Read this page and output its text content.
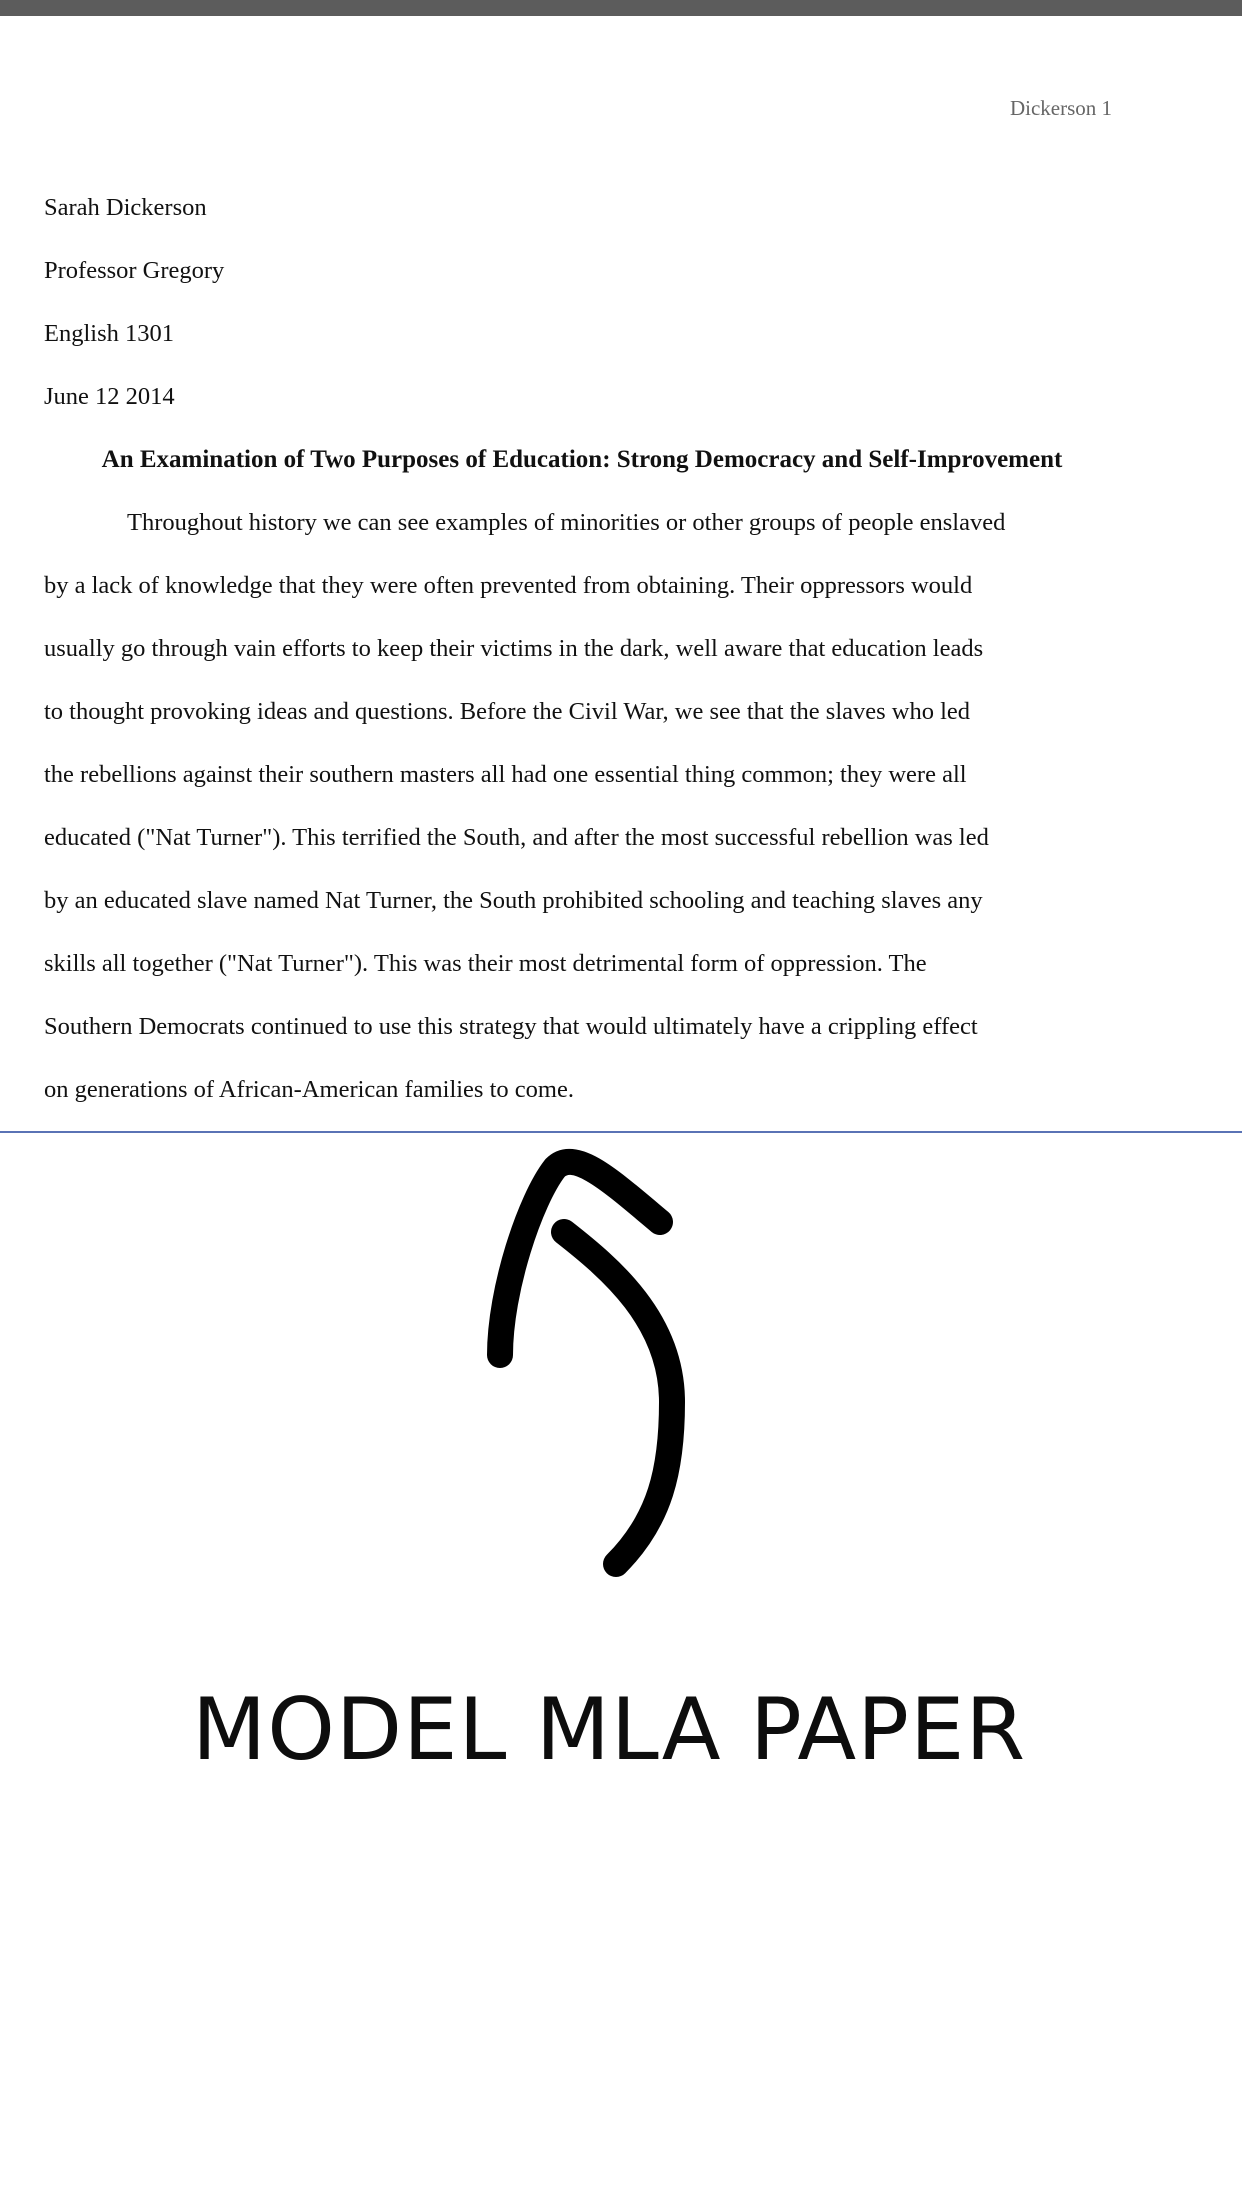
Dickerson 1

Sarah Dickerson

Professor Gregory

English 1301

June 12 2014

An Examination of Two Purposes of Education: Strong Democracy and Self-Improvement

Throughout history we can see examples of minorities or other groups of people enslaved
by a lack of knowledge that they were often prevented from obtaining. Their oppressors would
usually go through vain efforts to keep their victims in the dark, well aware that education leads
to thought provoking ideas and questions. Before the Civil War, we see that the slaves who led
the rebellions against their southern masters all had one essential thing common; they were all
educated ("Nat Turner"). This terrified the South, and after the most successful rebellion was led
by an educated slave named Nat Turner, the South prohibited schooling and teaching slaves any
skills all together ("Nat Turner"). This was their most detrimental form of oppression. The
Southern Democrats continued to use this strategy that would ultimately have a crippling effect
on generations of African-American families to come.

MODEL MLA PAPER
